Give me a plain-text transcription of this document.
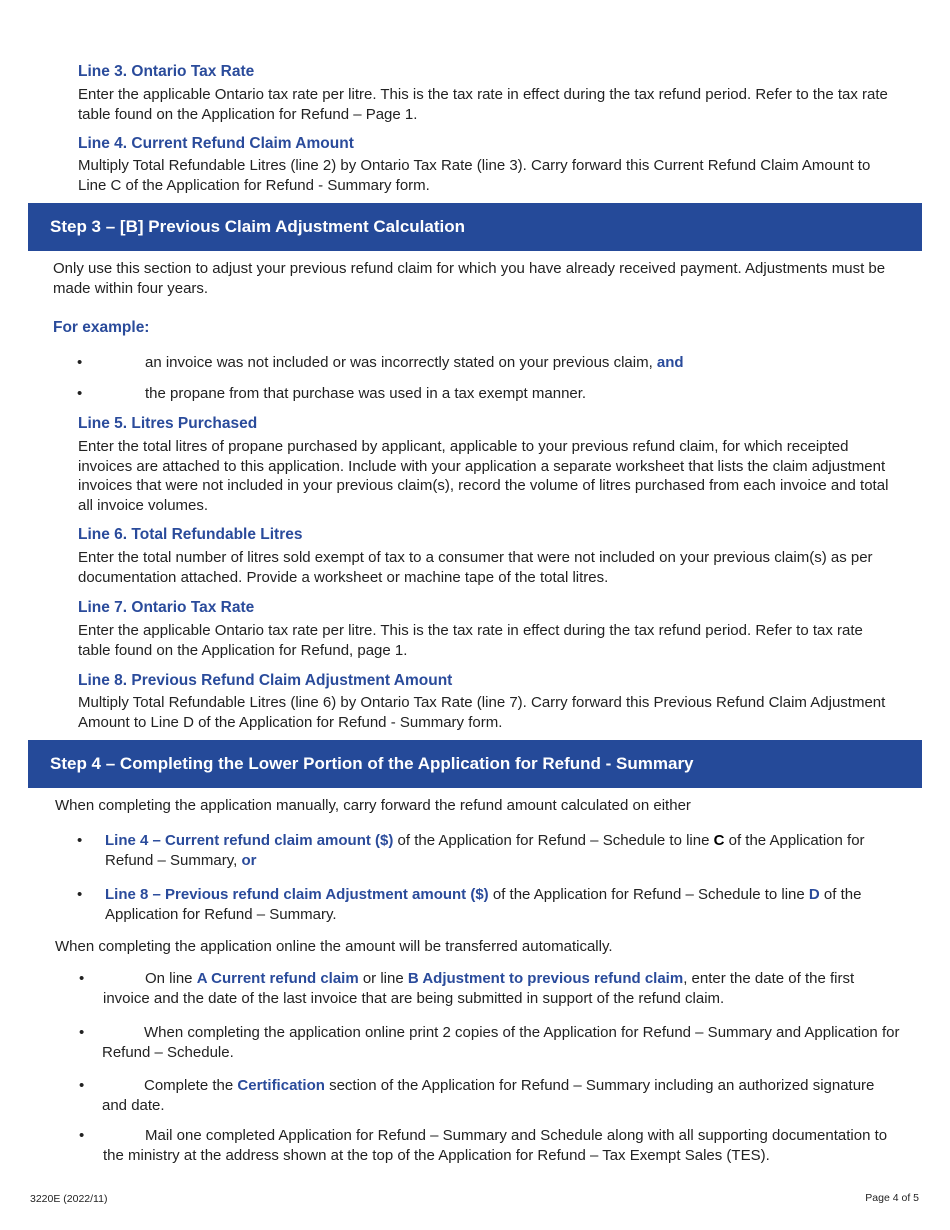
Line 3. Ontario Tax Rate
Enter the applicable Ontario tax rate per litre. This is the tax rate in effect during the tax refund period. Refer to the tax rate table found on the Application for Refund – Page 1.
Line 4. Current Refund Claim Amount
Multiply Total Refundable Litres (line 2) by Ontario Tax Rate (line 3). Carry forward this Current Refund Claim Amount to Line C of the Application for Refund - Summary form.
Step 3 – [B] Previous Claim Adjustment Calculation
Only use this section to adjust your previous refund claim for which you have already received payment. Adjustments must be made within four years.
For example:
•	an invoice was not included or was incorrectly stated on your previous claim, and
•	the propane from that purchase was used in a tax exempt manner.
Line 5. Litres Purchased
Enter the total litres of propane purchased by applicant, applicable to your previous refund claim, for which receipted invoices are attached to this application. Include with your application a separate worksheet that lists the claim adjustment invoices that were not included in your previous claim(s), record the volume of litres purchased from each invoice and total all invoice volumes.
Line 6. Total Refundable Litres
Enter the total number of litres sold exempt of tax to a consumer that were not included on your previous claim(s) as per documentation attached. Provide a worksheet or machine tape of the total litres.
Line 7. Ontario Tax Rate
Enter the applicable Ontario tax rate per litre. This is the tax rate in effect during the tax refund period. Refer to tax rate table found on the Application for Refund, page 1.
Line 8. Previous Refund Claim Adjustment Amount
Multiply Total Refundable Litres (line 6) by Ontario Tax Rate (line 7). Carry forward this Previous Refund Claim Adjustment Amount to Line D of the Application for Refund - Summary form.
Step 4 – Completing the Lower Portion of the Application for Refund - Summary
When completing the application manually, carry forward the refund amount calculated on either
• Line 4 – Current refund claim amount ($) of the Application for Refund – Schedule to line C of the Application for Refund – Summary, or
• Line 8 – Previous refund claim Adjustment amount ($) of the Application for Refund – Schedule to line D of the Application for Refund – Summary.
When completing the application online the amount will be transferred automatically.
•	On line A Current refund claim or line B Adjustment to previous refund claim, enter the date of the first invoice and the date of the last invoice that are being submitted in support of the refund claim.
•	When completing the application online print 2 copies of the Application for Refund – Summary and Application for Refund – Schedule.
•	Complete the Certification section of the Application for Refund – Summary including an authorized signature and date.
•	Mail one completed Application for Refund – Summary and Schedule along with all supporting documentation to the ministry at the address shown at the top of the Application for Refund – Tax Exempt Sales (TES).
3220E (2022/11)	Page 4 of 5
